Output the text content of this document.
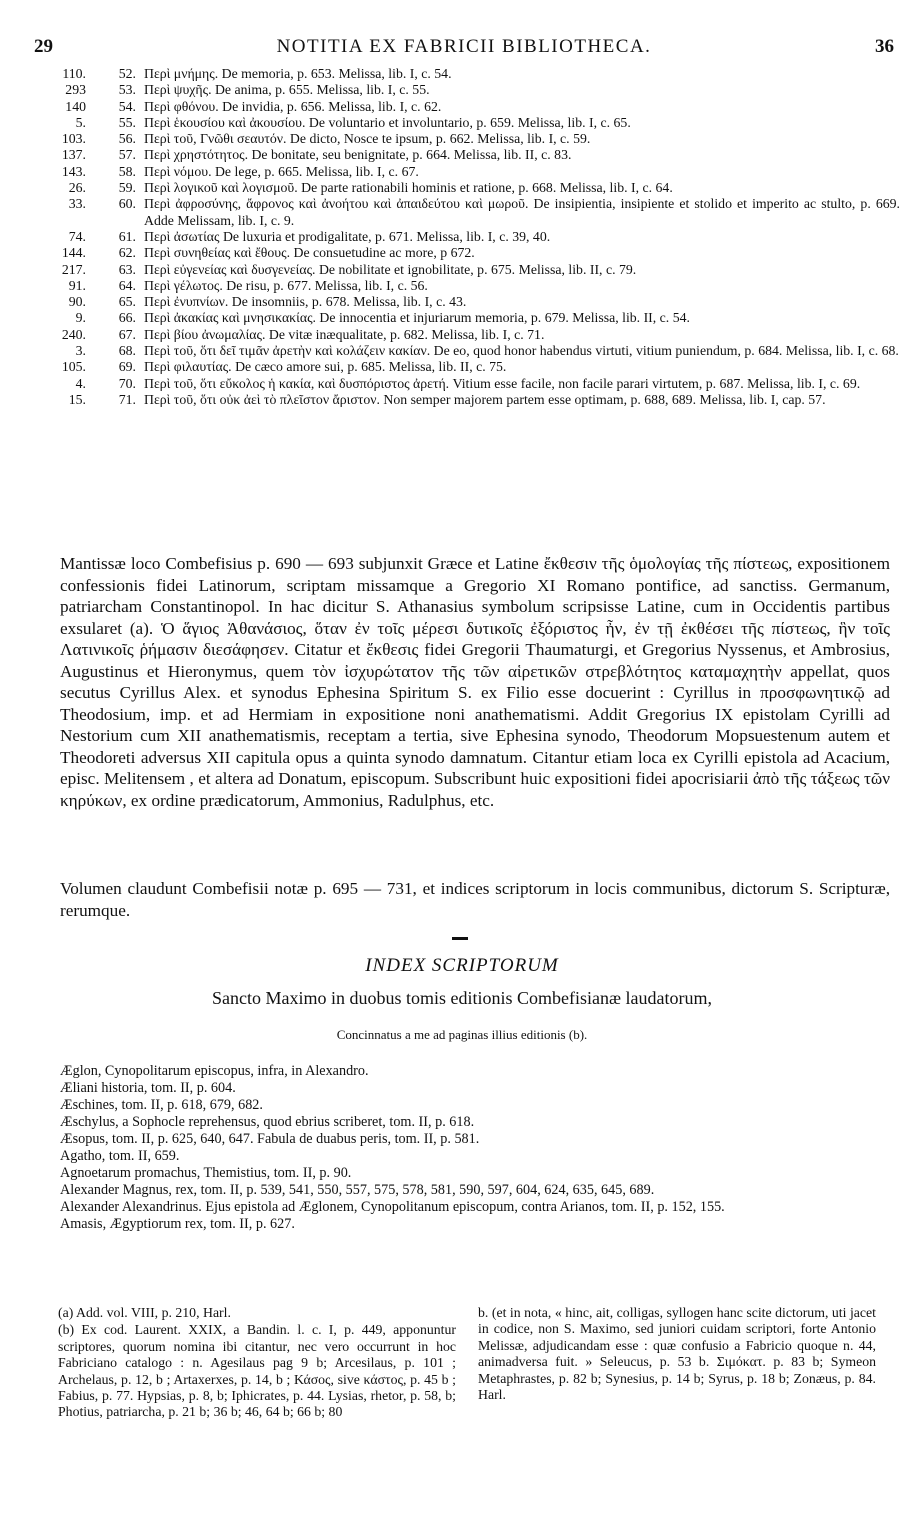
29	NOTITIA EX FABRICII BIBLIOTHECA.	36
110.	52. Περὶ μνήμης. De memoria, p. 653. Melissa, lib. I, c. 54.
293	53. Περὶ ψυχῆς. De anima, p. 655. Melissa, lib. I, c. 55.
140	54. Περὶ φθόνου. De invidia, p. 656. Melissa, lib. I, c. 62.
5.	55. Περὶ ἑκουσίου καὶ ἀκουσίου. De voluntario et involuntario, p. 659. Melissa, lib. I, c. 65.
103.	56. Περὶ τοῦ, Γνῶθι σεαυτόν. De dicto, Nosce te ipsum, p. 662. Melissa, lib. I, c. 59.
137.	57. Περὶ χρηστότητος. De bonitate, seu benignitate, p. 664. Melissa, lib. II, c. 83.
143.	58. Περὶ νόμου. De lege, p. 665. Melissa, lib. I, c. 67.
26.	59. Περὶ λογικοῦ καὶ λογισμοῦ. De parte rationabili hominis et ratione, p. 668. Melissa, lib. I, c. 64.
33.	60. Περὶ ἀφροσύνης, ἄφρονος καὶ ἀνοήτου καὶ ἀπαιδεύτου καὶ μωροῦ. De insipientia, insipiente et stolido et imperito ac stulto, p. 669. Adde Melissam, lib. I, c. 9.
74.	61. Περὶ ἀσωτίας De luxuria et prodigalitate, p. 671. Melissa, lib. I, c. 39, 40.
144.	62. Περὶ συνηθείας καὶ ἔθους. De consuetudine ac more, p 672.
217.	63. Περὶ εὐγενείας καὶ δυσγενείας. De nobilitate et ignobilitate, p. 675. Melissa, lib. II, c. 79.
91.	64. Περὶ γέλωτος. De risu, p. 677. Melissa, lib. I, c. 56.
90.	65. Περὶ ἐνυπνίων. De insomniis, p. 678. Melissa, lib. I, c. 43.
9.	66. Περὶ ἀκακίας καὶ μνησικακίας. De innocentia et injuriarum memoria, p. 679. Melissa, lib. II, c. 54.
240.	67. Περὶ βίου ἀνωμαλίας. De vitæ inæqualitate, p. 682. Melissa, lib. I, c. 71.
3.	68. Περὶ τοῦ, ὅτι δεῖ τιμᾶν ἀρετὴν καὶ κολάζειν κακίαν. De eo, quod honor habendus virtuti, vitium puniendum, p. 684. Melissa, lib. I, c. 68.
105.	69. Περὶ φιλαυτίας. De cæco amore sui, p. 685. Melissa, lib. II, c. 75.
4.	70. Περὶ τοῦ, ὅτι εὔκολος ἡ κακία, καὶ δυσπόριστος ἀρετή. Vitium esse facile, non facile parari virtutem, p. 687. Melissa, lib. I, c. 69.
15.	71. Περὶ τοῦ, ὅτι οὐκ ἀεὶ τὸ πλεῖστον ἄριστον. Non semper majorem partem esse optimam, p. 688, 689. Melissa, lib. I, cap. 57.
Mantissæ loco Combefisius p. 690 — 693 subjunxit Græce et Latine ἔκθεσιν τῆς ὁμολογίας τῆς πίστεως, expositionem confessionis fidei Latinorum, scriptam missamque a Gregorio XI Romano pontifice, ad sanctiss. Germanum, patriarcham Constantinopol. In hac dicitur S. Athanasius symbolum scripsisse Latine, cum in Occidentis partibus exsularet (a). Ὁ ἅγιος Ἀθανάσιος, ὅταν ἐν τοῖς μέρεσι δυτικοῖς ἐξόριστος ἦν, ἐν τῇ ἐκθέσει τῆς πίστεως, ἣν τοῖς Λατινικοῖς ῥήμασιν διεσάφησεν. Citatur et ἔκθεσις fidei Gregorii Thaumaturgi, et Gregorius Nyssenus, et Ambrosius, Augustinus et Hieronymus, quem τὸν ἰσχυρώτατον τῆς τῶν αἱρετικῶν στρεβλότητος καταμαχητὴν appellat, quos secutus Cyrillus Alex. et synodus Ephesina Spiritum S. ex Filio esse docuerint : Cyrillus in προσφωνητικῷ ad Theodosium, imp. et ad Hermiam in expositione noni anathematismi. Addit Gregorius IX epistolam Cyrilli ad Nestorium cum XII anathematismis, receptam a tertia, sive Ephesina synodo, Theodorum Mopsuestenum autem et Theodoreti adversus XII capitula opus a quinta synodo damnatum. Citantur etiam loca ex Cyrilli epistola ad Acacium, episc. Melitensem , et altera ad Donatum, episcopum. Subscribunt huic expositioni fidei apocrisiarii ἀπὸ τῆς τάξεως τῶν κηρύκων, ex ordine prædicatorum, Ammonius, Radulphus, etc.
Volumen claudunt Combefisii notæ p. 695 — 731, et indices scriptorum in locis communibus, dictorum S. Scripturæ, rerumque.
INDEX SCRIPTORUM
Sancto Maximo in duobus tomis editionis Combefisianæ laudatorum,
Concinnatus a me ad paginas illius editionis (b).
Æglon, Cynopolitarum episcopus, infra, in Alexandro.
Æliani historia, tom. II, p. 604.
Æschines, tom. II, p. 618, 679, 682.
Æschylus, a Sophocle reprehensus, quod ebrius scriberet, tom. II, p. 618.
Æsopus, tom. II, p. 625, 640, 647. Fabula de duabus peris, tom. II, p. 581.
Agatho, tom. II, 659.
Agnoetarum promachus, Themistius, tom. II, p. 90.
Alexander Magnus, rex, tom. II, p. 539, 541, 550, 557, 575, 578, 581, 590, 597, 604, 624, 635, 645, 689.
Alexander Alexandrinus. Ejus epistola ad Æglonem, Cynopolitanum episcopum, contra Arianos, tom. II, p. 152, 155.
Amasis, Ægyptiorum rex, tom. II, p. 627.
(a) Add. vol. VIII, p. 210, Harl.
(b) Ex cod. Laurent. XXIX, a Bandin. l. c. I, p. 449, apponuntur scriptores, quorum nomina ibi citantur, nec vero occurrunt in hoc Fabriciano catalogo : n. Agesilaus pag 9 b; Arcesilaus, p. 101 ; Archelaus, p. 12, b ; Artaxerxes, p. 14, b ; Κάσος, sive κάστος, p. 45 b ; Fabius, p. 77. Hypsias, p. 8, b; Iphicrates, p. 44. Lysias, rhetor, p. 58, b; Photius, patriarcha, p. 21 b; 36 b; 46, 64 b; 66 b; 80
b. (et in nota, « hinc, ait, colligas, syllogen hanc scite dictorum, uti jacet in codice, non S. Maximo, sed juniori cuidam scriptori, forte Antonio Melissæ, adjudicandam esse : quæ confusio a Fabricio quoque n. 44, animadversa fuit. » Seleucus, p. 53 b. Σιμόκατ. p. 83 b; Symeon Metaphrastes, p. 82 b; Synesius, p. 14 b; Syrus, p. 18 b; Zonæus, p. 84. Harl.
